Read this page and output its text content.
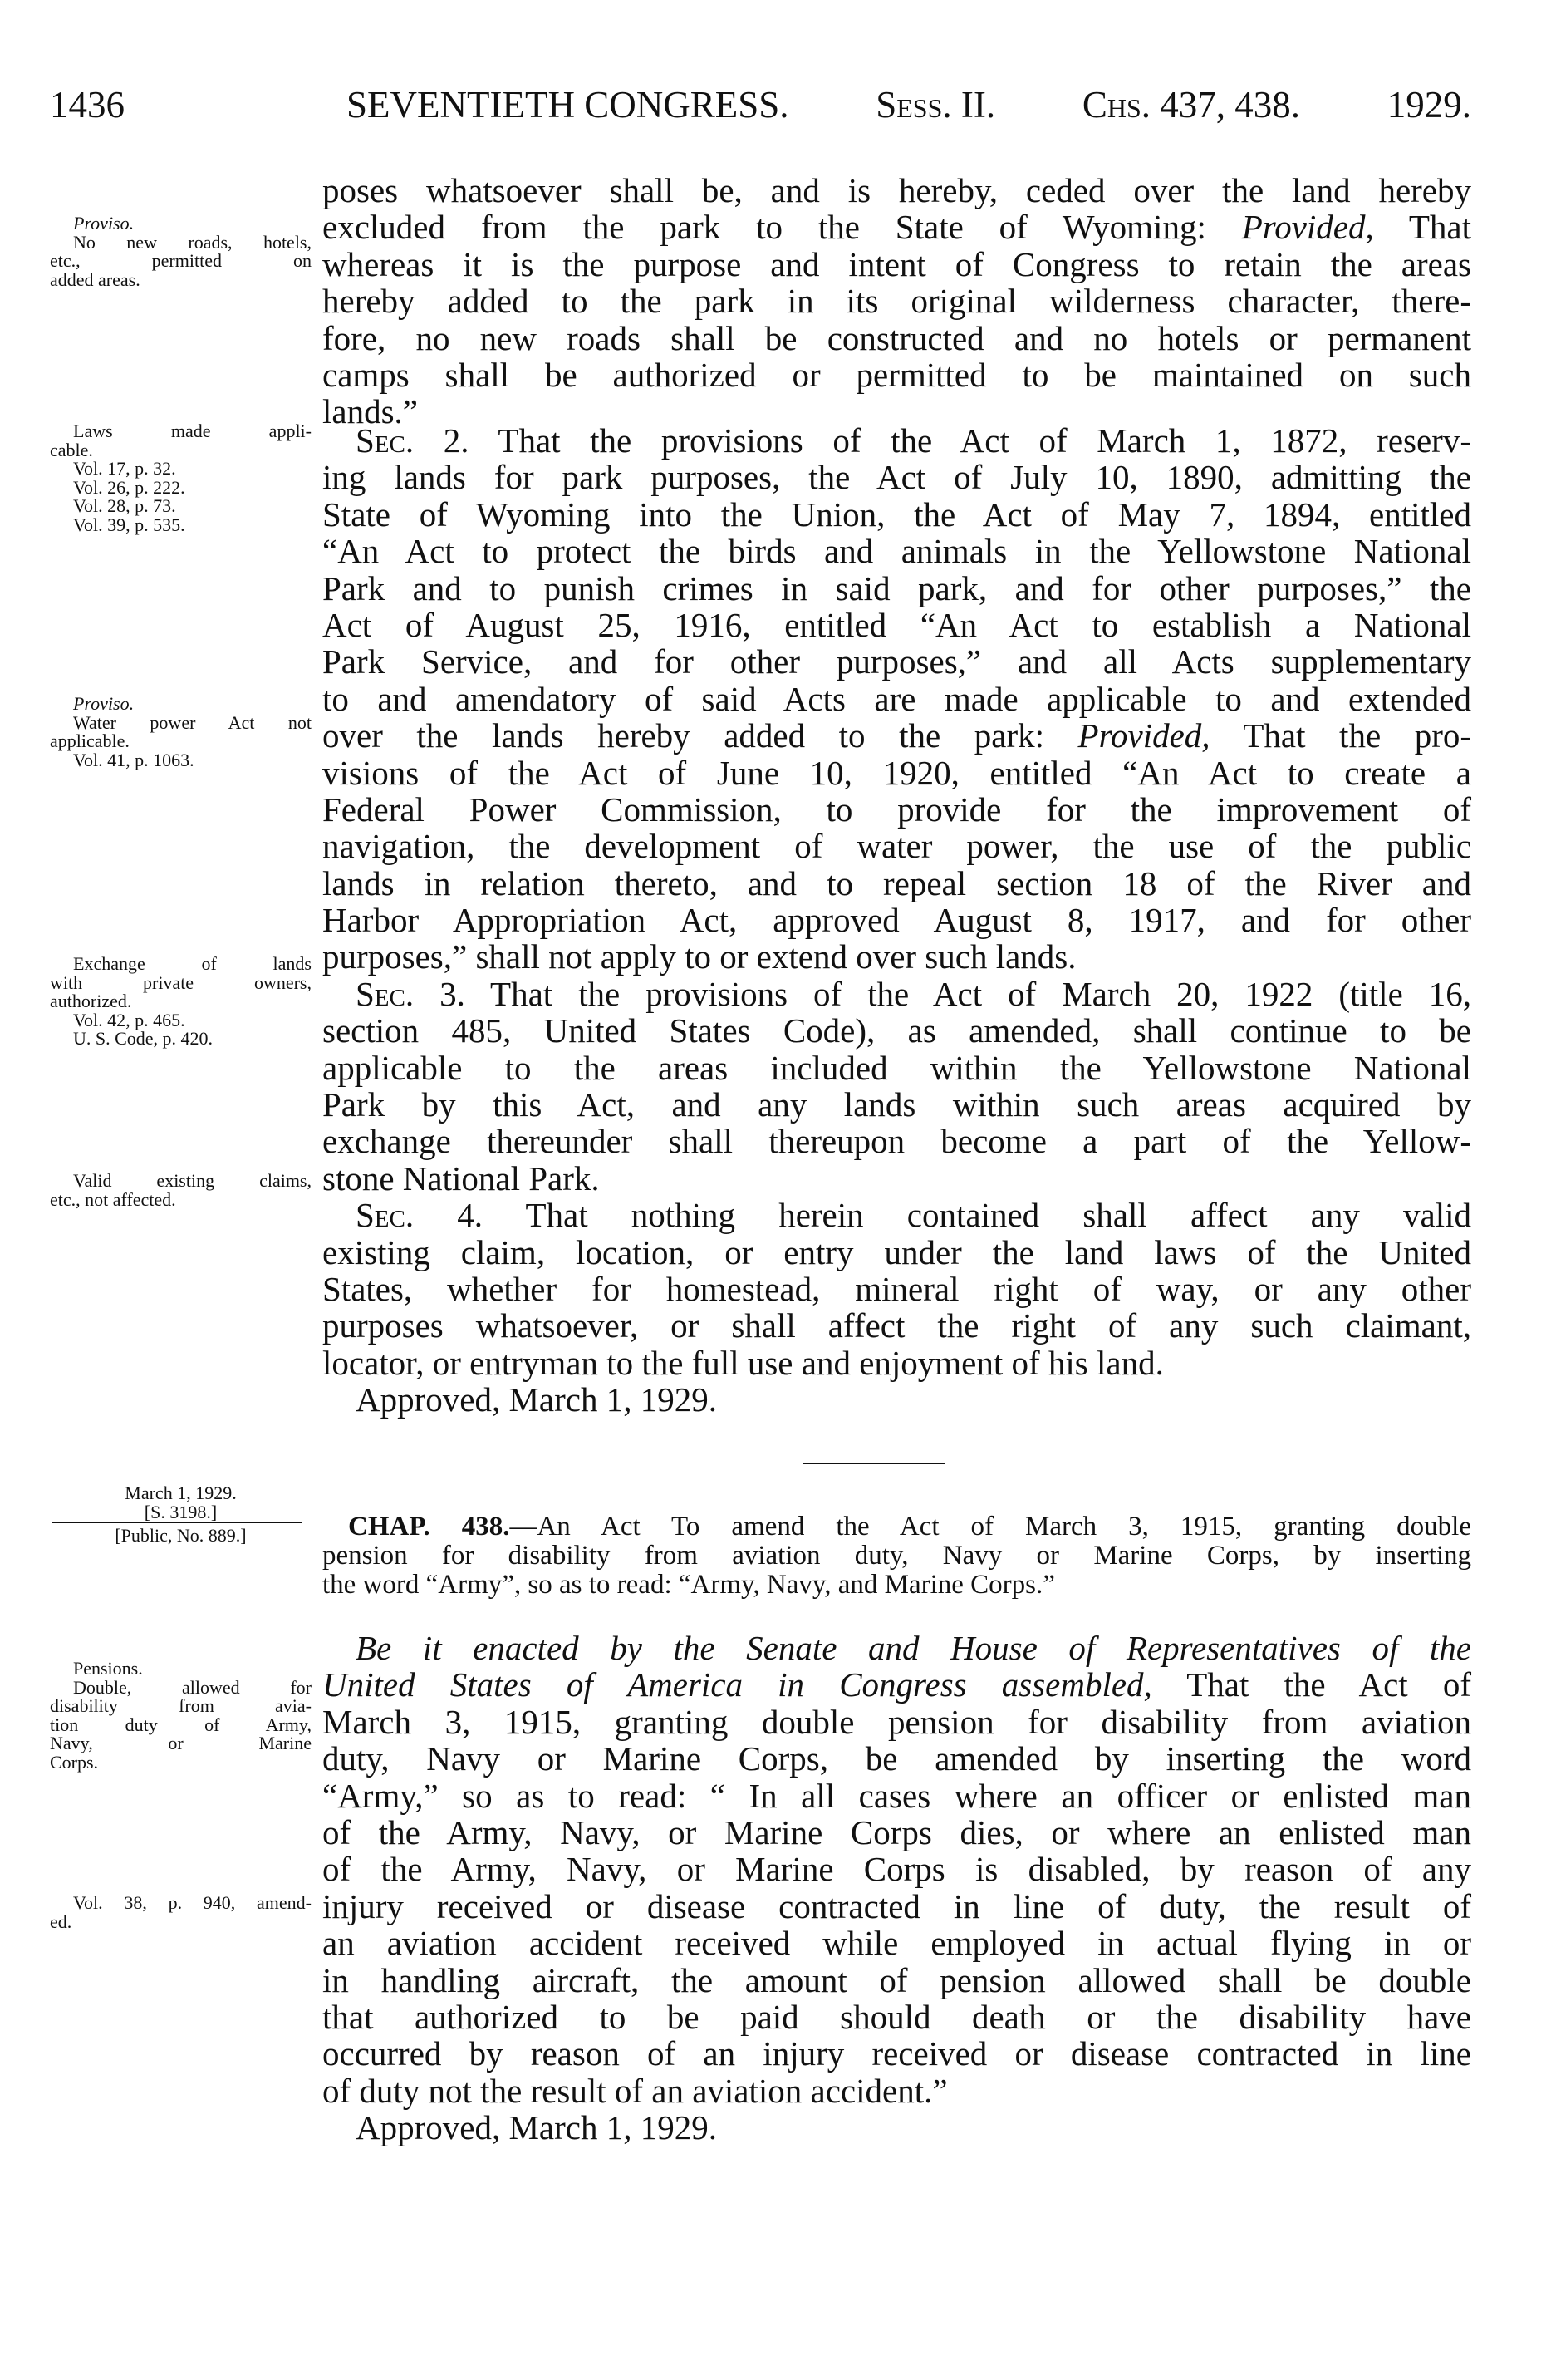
1436	SEVENTIETH CONGRESS. Sess. II. Chs. 437, 438. 1929.
poses whatsoever shall be, and is hereby, ceded over the land hereby
excluded from the park to the State of Wyoming: Provided, That
whereas it is the purpose and intent of Congress to retain the areas
hereby added to the park in its original wilderness character, there-
fore, no new roads shall be constructed and no hotels or permanent
camps shall be authorized or permitted to be maintained on such
lands.”
Sec. 2. That the provisions of the Act of March 1, 1872, reserv-
ing lands for park purposes, the Act of July 10, 1890, admitting the
State of Wyoming into the Union, the Act of May 7, 1894, entitled
“An Act to protect the birds and animals in the Yellowstone National
Park and to punish crimes in said park, and for other purposes,” the
Act of August 25, 1916, entitled “An Act to establish a National
Park Service, and for other purposes,” and all Acts supplementary
to and amendatory of said Acts are made applicable to and extended
over the lands hereby added to the park: Provided, That the pro-
visions of the Act of June 10, 1920, entitled “An Act to create a
Federal Power Commission, to provide for the improvement of
navigation, the development of water power, the use of the public
lands in relation thereto, and to repeal section 18 of the River and
Harbor Appropriation Act, approved August 8, 1917, and for other
purposes,” shall not apply to or extend over such lands.
Sec. 3. That the provisions of the Act of March 20, 1922 (title 16,
section 485, United States Code), as amended, shall continue to be
applicable to the areas included within the Yellowstone National
Park by this Act, and any lands within such areas acquired by
exchange thereunder shall thereupon become a part of the Yellow-
stone National Park.
Sec. 4. That nothing herein contained shall affect any valid
existing claim, location, or entry under the land laws of the United
States, whether for homestead, mineral right of way, or any other
purposes whatsoever, or shall affect the right of any such claimant,
locator, or entryman to the full use and enjoyment of his land.
Approved, March 1, 1929.
CHAP. 438.—An Act To amend the Act of March 3, 1915, granting double
pension for disability from aviation duty, Navy or Marine Corps, by inserting
the word “Army”, so as to read: “Army, Navy, and Marine Corps.”
Be it enacted by the Senate and House of Representatives of the
United States of America in Congress assembled, That the Act of
March 3, 1915, granting double pension for disability from aviation
duty, Navy or Marine Corps, be amended by inserting the word
“Army,” so as to read: “ In all cases where an officer or enlisted man
of the Army, Navy, or Marine Corps dies, or where an enlisted man
of the Army, Navy, or Marine Corps is disabled, by reason of any
injury received or disease contracted in line of duty, the result of
an aviation accident received while employed in actual flying in or
in handling aircraft, the amount of pension allowed shall be double
that authorized to be paid should death or the disability have
occurred by reason of an injury received or disease contracted in line
of duty not the result of an aviation accident.”
Approved, March 1, 1929.
Proviso.
No new roads, hotels,
etc., permitted on
added areas.
Laws made appli-
cable.
Vol. 17, p. 32.
Vol. 26, p. 222.
Vol. 28, p. 73.
Vol. 39, p. 535.
Proviso.
Water power Act not
applicable.
Vol. 41, p. 1063.
Exchange of lands
with private owners,
authorized.
Vol. 42, p. 465.
U. S. Code, p. 420.
Valid existing claims,
etc., not affected.
March 1, 1929.
[S. 3198.]
[Public, No. 889.]
Pensions.
Double, allowed for
disability from avia-
tion duty of Army,
Navy, or Marine
Corps.
Vol. 38, p. 940, amend-
ed.
